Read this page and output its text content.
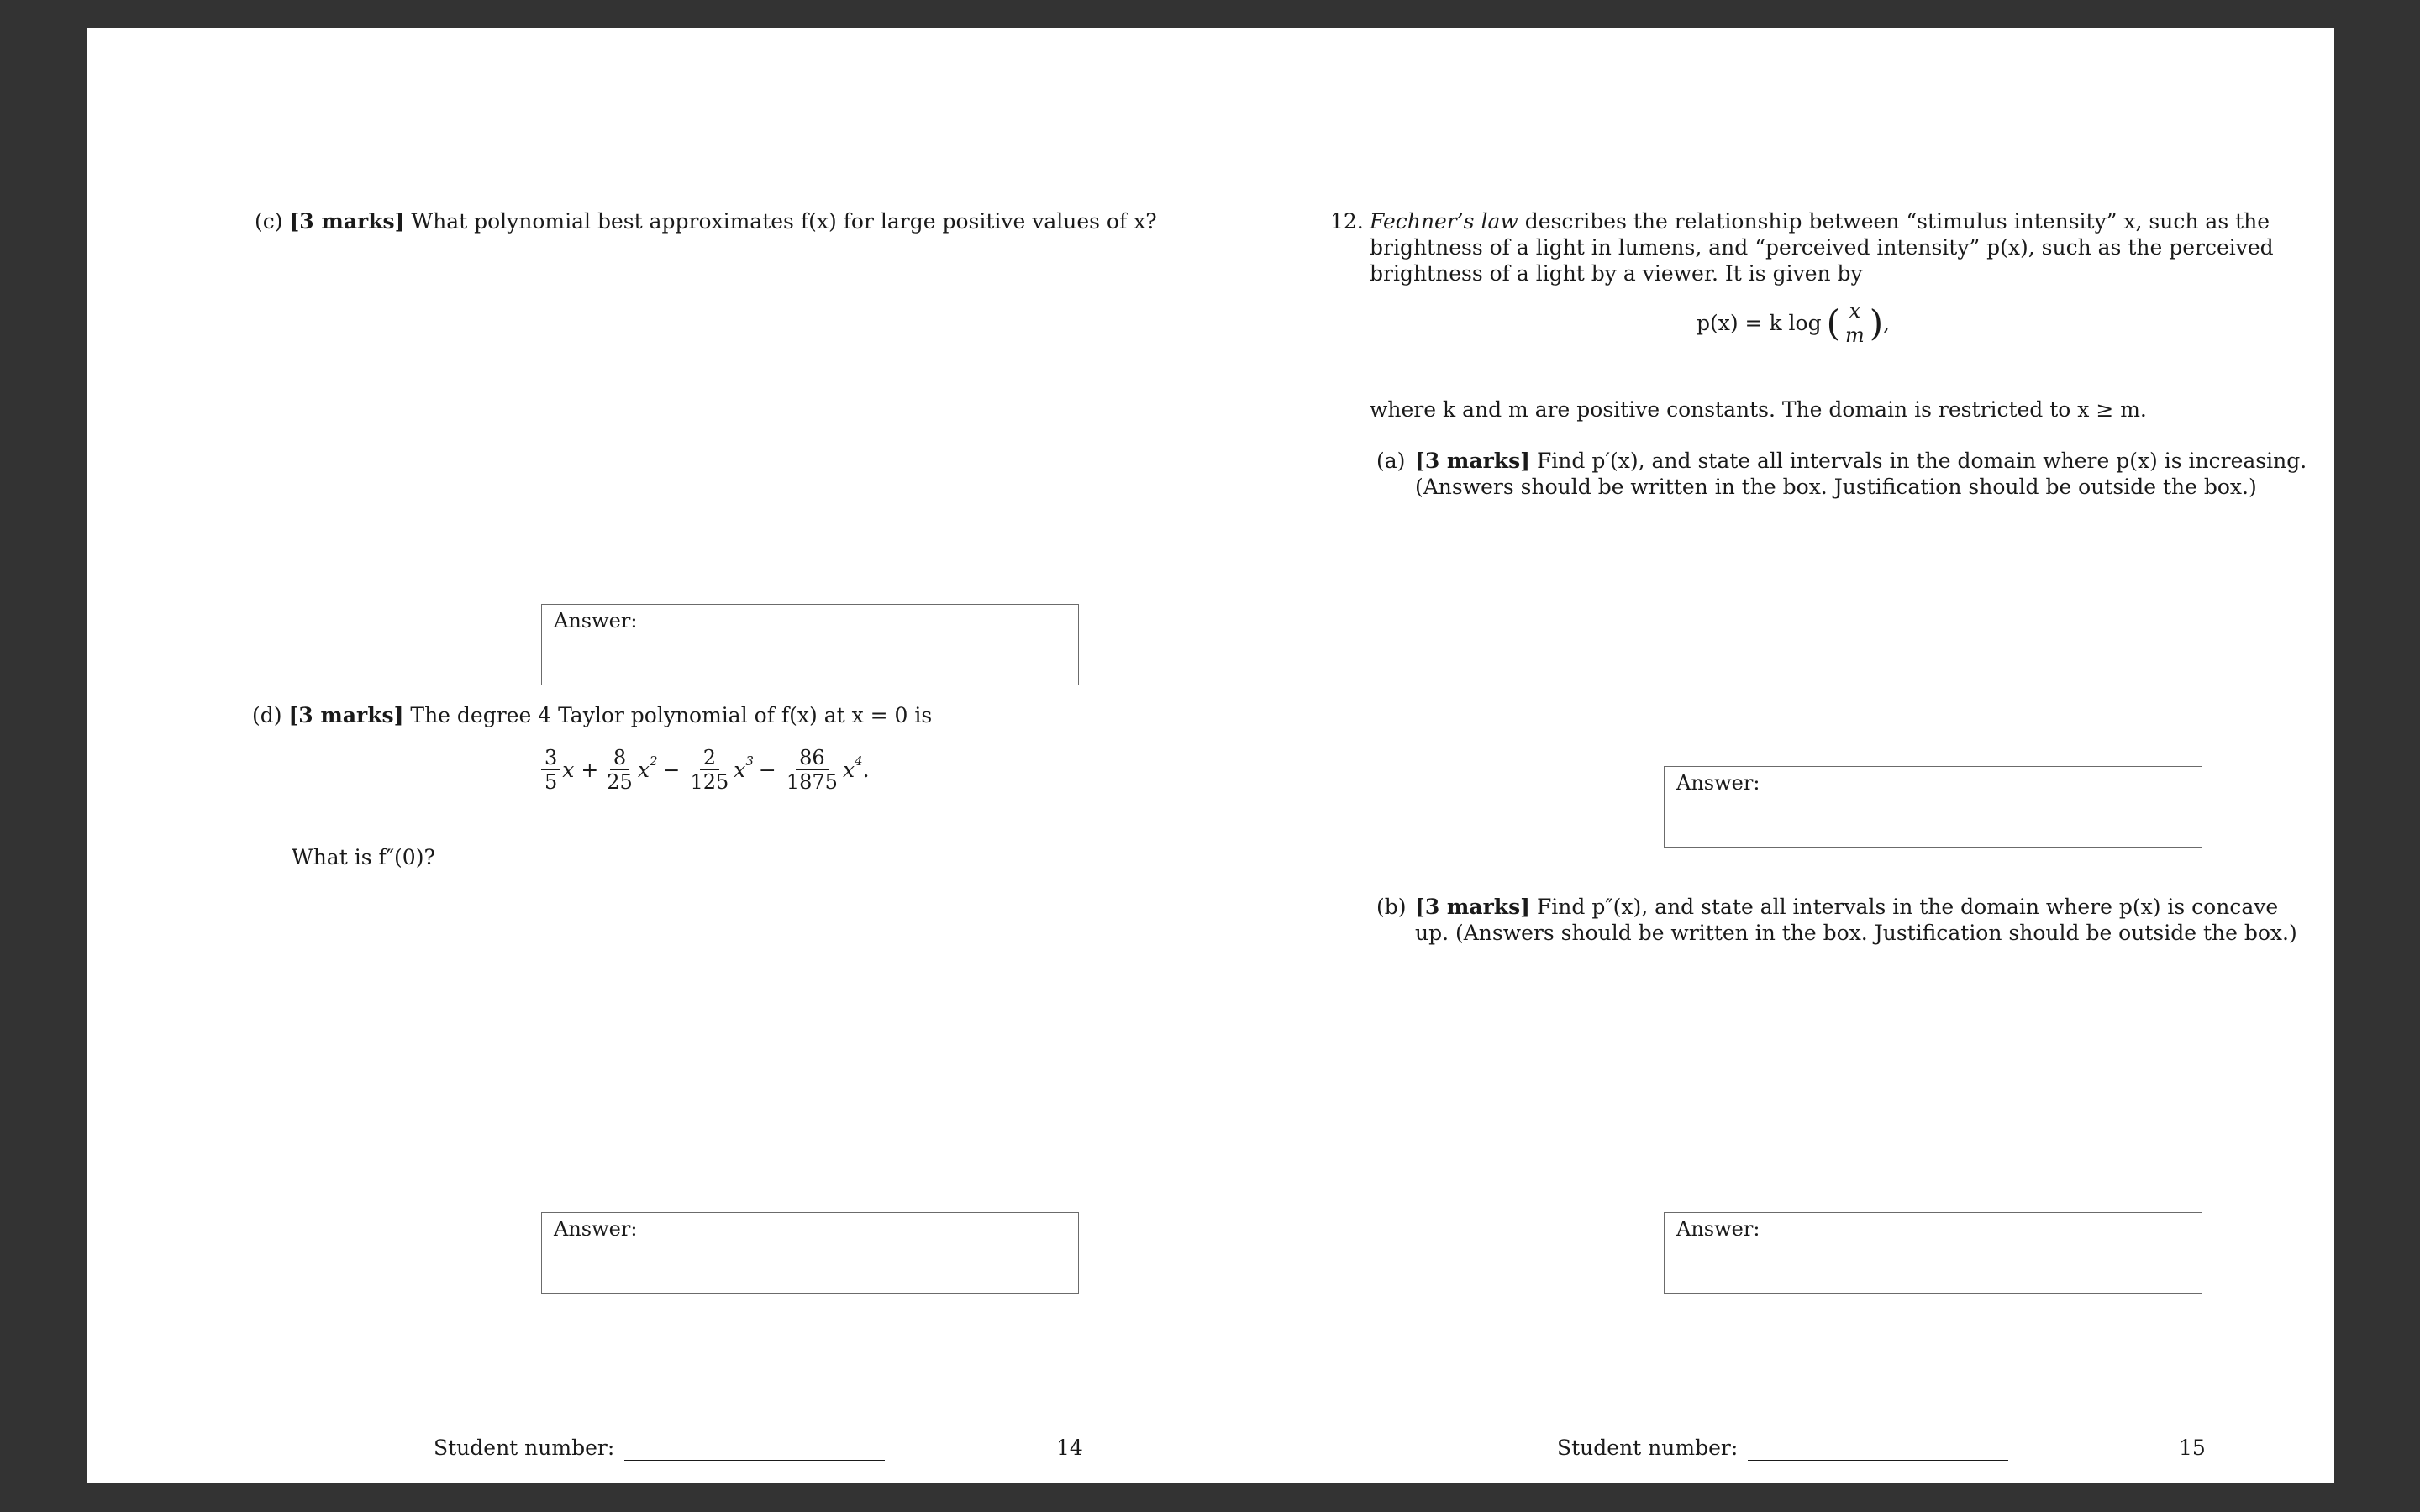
(c) [3 marks] What polynomial best approximates f(x) for large positive values of x?
Answer:
(d) [3 marks] The degree 4 Taylor polynomial of f(x) at x = 0 is
$\frac{3}{5}$ $x + \frac{8}{25} x^2 - \frac{2}{125} x^3 - \frac{86}{1875} x^4$ .
What is f″(0)?
Answer:
Student number:	14
12. Fechner’s law describes the relationship between “stimulus intensity” x, such as the
brightness of a light in lumens, and “perceived intensity” p(x), such as the perceived
brightness of a light by a viewer. It is given by
p(x) = k log ( $\frac{x}{m}$ ) ,
where k and m are positive constants. The domain is restricted to x ≥ m.
(a) [3 marks] Find p′(x), and state all intervals in the domain where p(x) is increasing.
(Answers should be written in the box. Justification should be outside the box.)
Answer:
(b) [3 marks] Find p″(x), and state all intervals in the domain where p(x) is concave
up. (Answers should be written in the box. Justification should be outside the box.)
Answer:
Student number:	15
